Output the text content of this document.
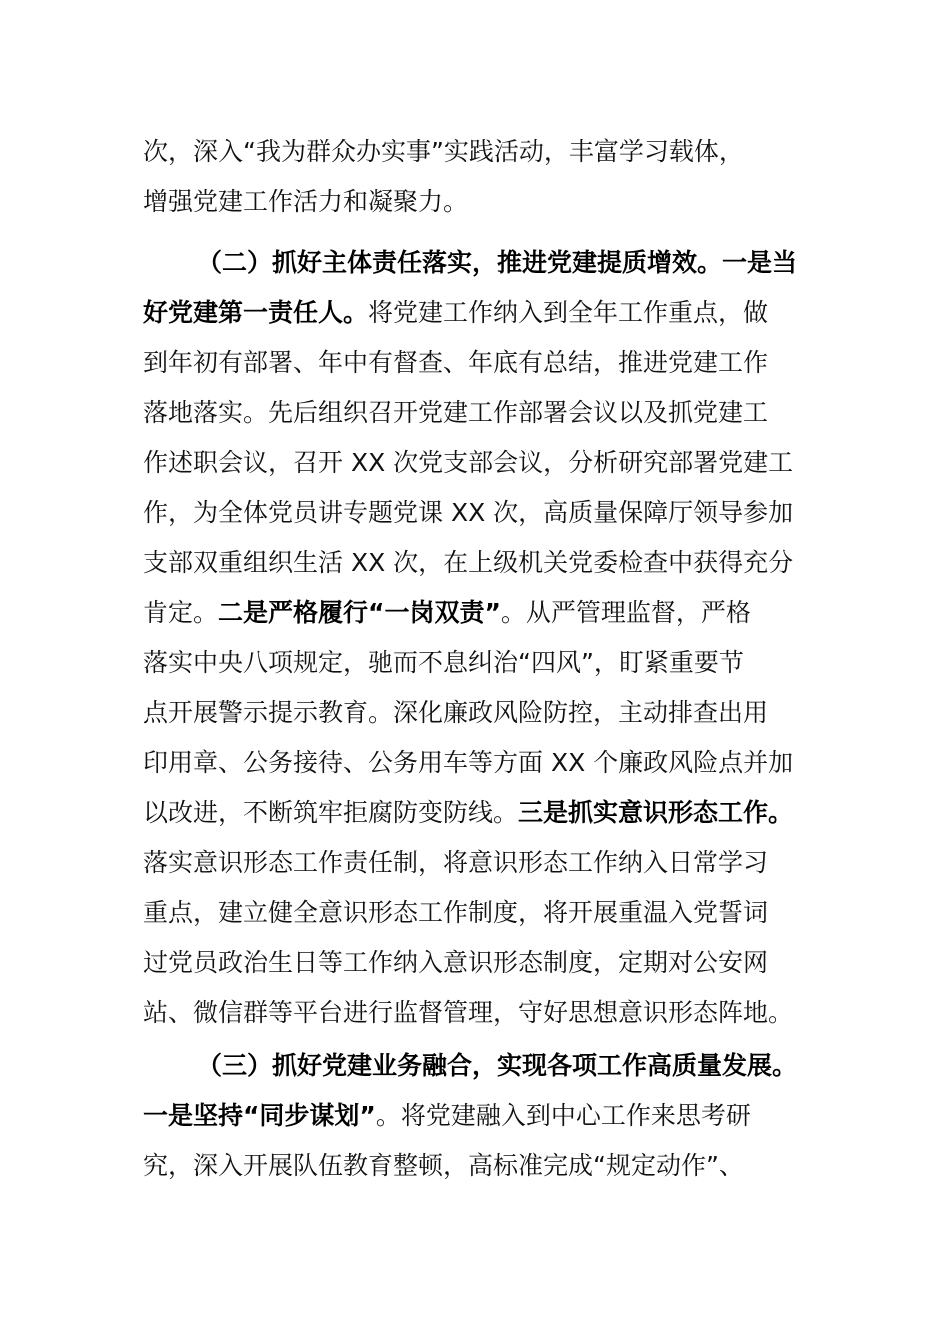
次，深入“我为群众办实事”实践活动，丰富学习载体，
增强党建工作活力和凝聚力。
（二）抓好主体责任落实，推进党建提质增效。一是当
好党建第一责任人。将党建工作纳入到全年工作重点，做
到年初有部署、年中有督查、年底有总结，推进党建工作
落地落实。先后组织召开党建工作部署会议以及抓党建工
作述职会议，召开 XX 次党支部会议，分析研究部署党建工
作，为全体党员讲专题党课 XX 次，高质量保障厅领导参加
支部双重组织生活 XX 次，在上级机关党委检查中获得充分
肯定。二是严格履行“一岗双责”。从严管理监督，严格
落实中央八项规定，驰而不息纠治“四风”，盯紧重要节
点开展警示提示教育。深化廉政风险防控，主动排查出用
印用章、公务接待、公务用车等方面 XX 个廉政风险点并加
以改进，不断筑牢拒腐防变防线。三是抓实意识形态工作。
落实意识形态工作责任制，将意识形态工作纳入日常学习
重点，建立健全意识形态工作制度，将开展重温入党誓词
过党员政治生日等工作纳入意识形态制度，定期对公安网
站、微信群等平台进行监督管理，守好思想意识形态阵地。
（三）抓好党建业务融合，实现各项工作高质量发展。
一是坚持“同步谋划”。将党建融入到中心工作来思考研
究，深入开展队伍教育整顿，高标准完成“规定动作”、
